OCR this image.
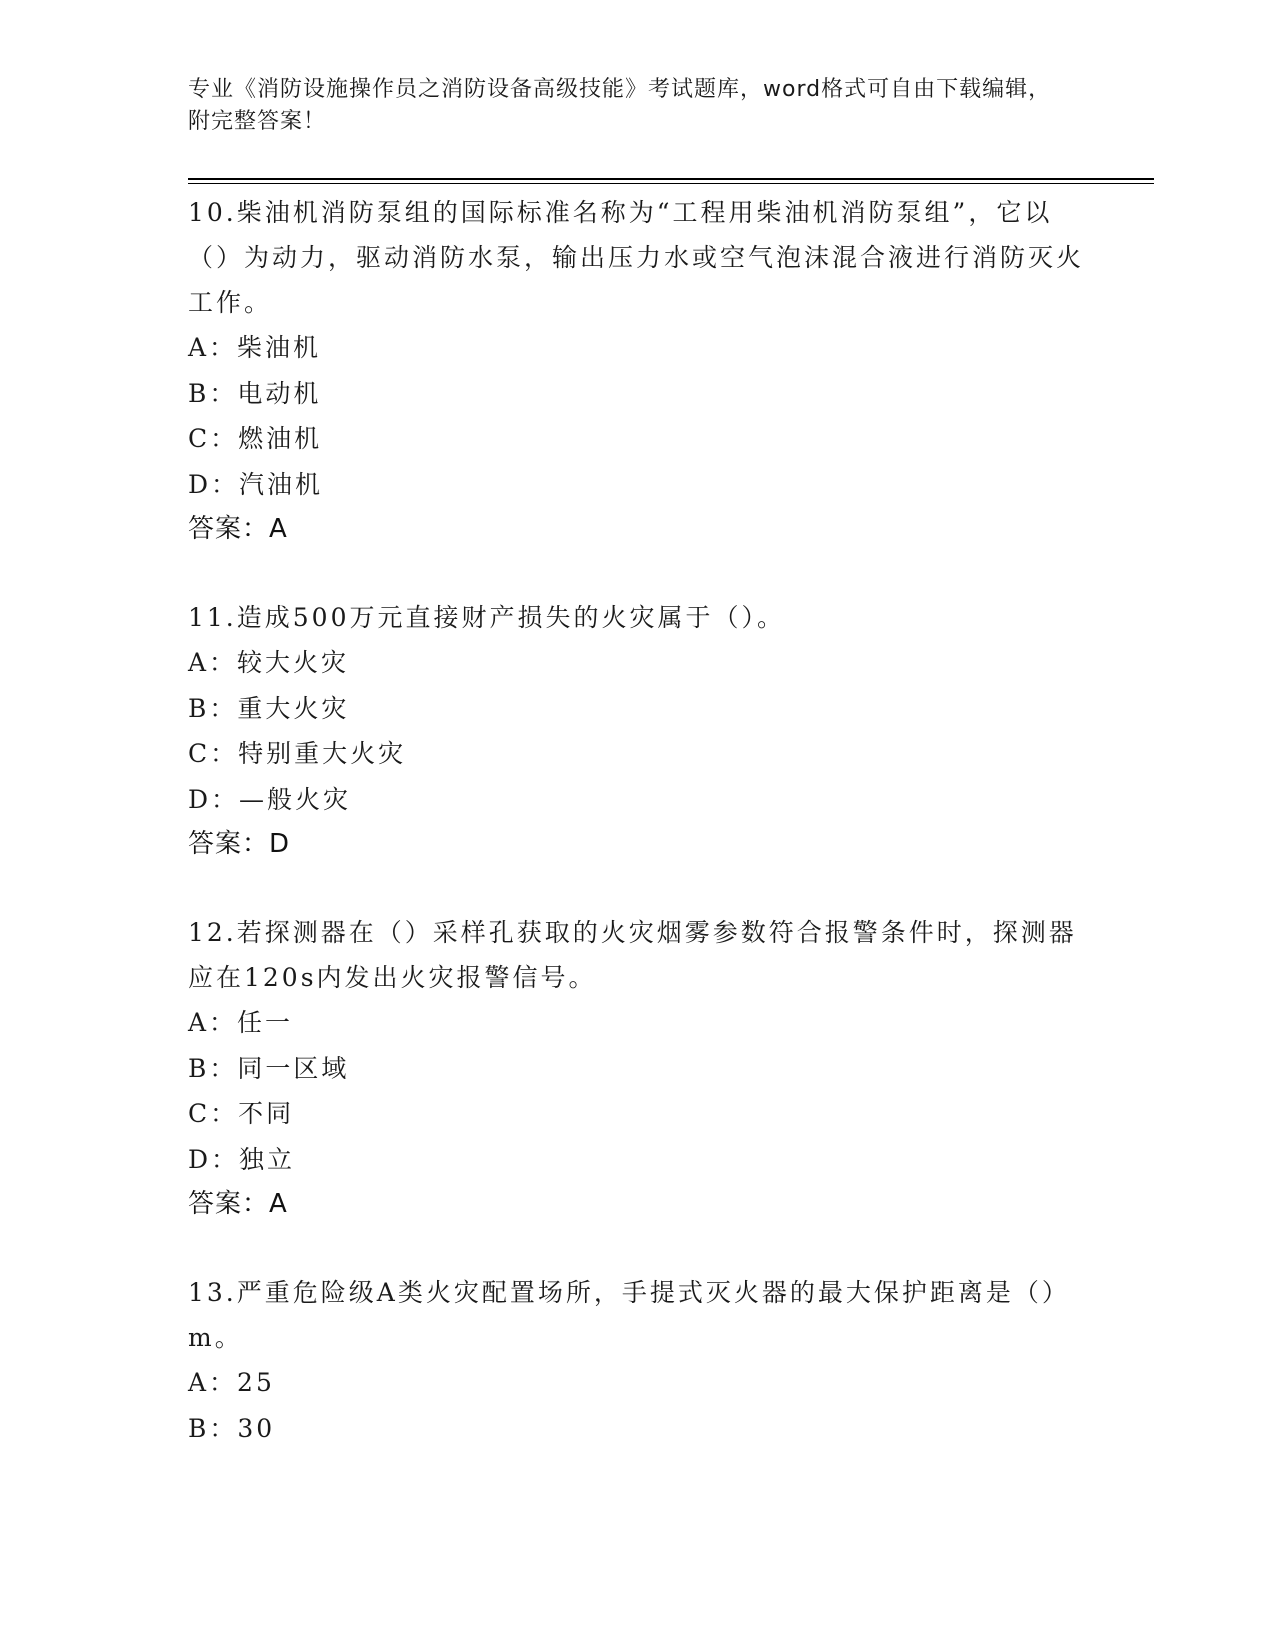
专业《消防设施操作员之消防设备高级技能》考试题库，word格式可自由下载编辑，附完整答案！

10.柴油机消防泵组的国际标准名称为“工程用柴油机消防泵组”，它以（）为动力，驱动消防水泵，输出压力水或空气泡沫混合液进行消防灭火工作。

A：柴油机

B：电动机

C：燃油机

D：汽油机

答案：A

11.造成500万元直接财产损失的火灾属于（）。

A：较大火灾

B：重大火灾

C：特别重大火灾

D：—般火灾

答案：D

12.若探测器在（）采样孔获取的火灾烟雾参数符合报警条件时，探测器应在120s内发出火灾报警信号。

A：任一

B：同一区域

C：不同

D：独立

答案：A

13.严重危险级A类火灾配置场所，手提式灭火器的最大保护距离是（）m。

A：25

B：30
